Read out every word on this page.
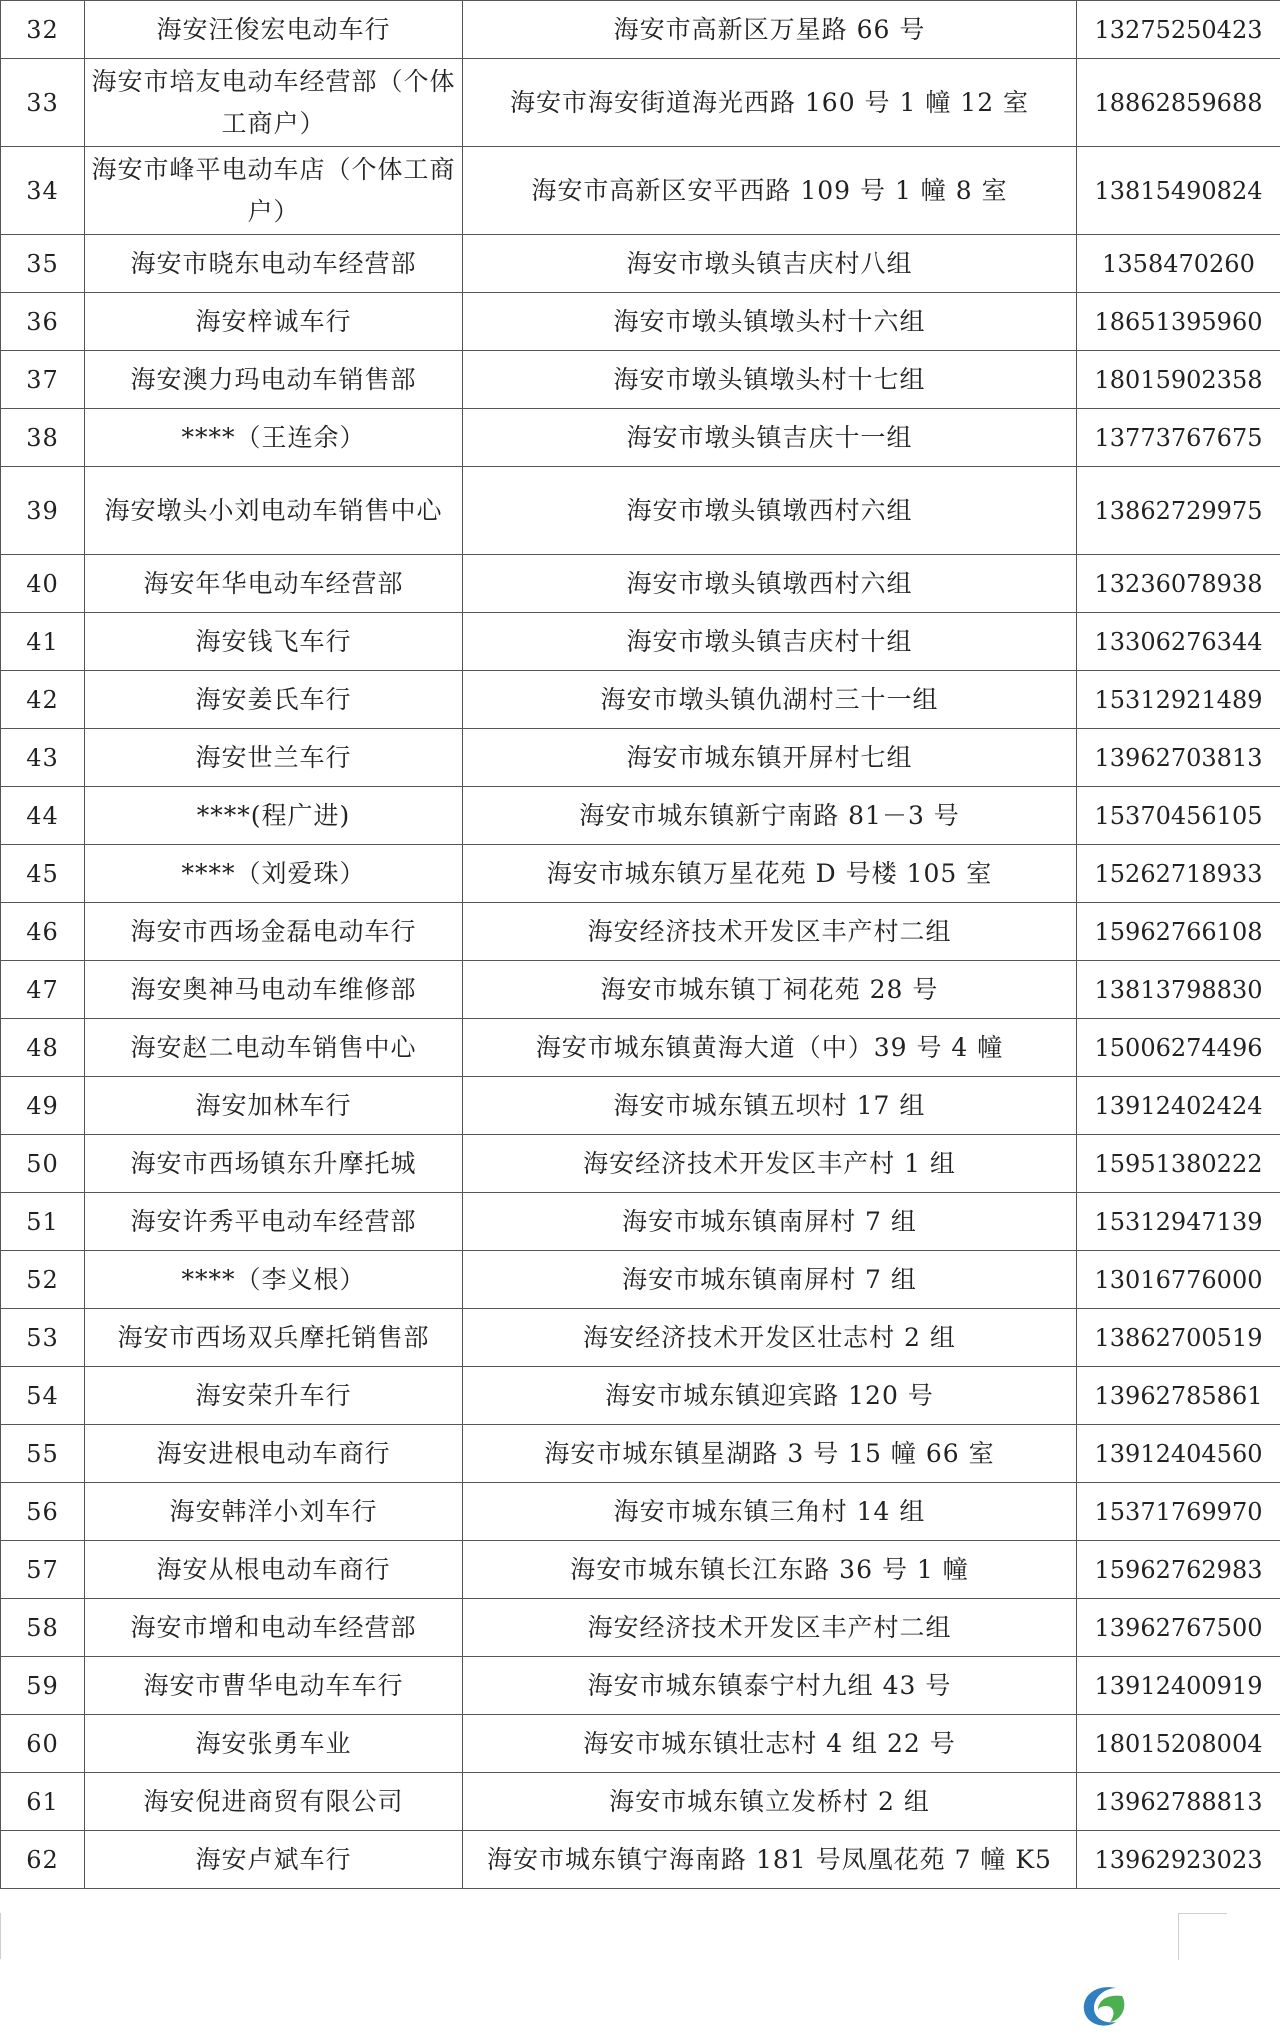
32	海安汪俊宏电动车行	海安市高新区万星路 66 号	13275250423
33	海安市培友电动车经营部（个体工商户）	海安市海安街道海光西路 160 号 1 幢 12 室	18862859688
34	海安市峰平电动车店（个体工商户）	海安市高新区安平西路 109 号 1 幢 8 室	13815490824
35	海安市晓东电动车经营部	海安市墩头镇吉庆村八组	1358470260
36	海安梓诚车行	海安市墩头镇墩头村十六组	18651395960
37	海安澳力玛电动车销售部	海安市墩头镇墩头村十七组	18015902358
38	****（王连余）	海安市墩头镇吉庆十一组	13773767675
39	海安墩头小刘电动车销售中心	海安市墩头镇墩西村六组	13862729975
40	海安年华电动车经营部	海安市墩头镇墩西村六组	13236078938
41	海安钱飞车行	海安市墩头镇吉庆村十组	13306276344
42	海安姜氏车行	海安市墩头镇仇湖村三十一组	15312921489
43	海安世兰车行	海安市城东镇开屏村七组	13962703813
44	****(程广进)	海安市城东镇新宁南路 81－3 号	15370456105
45	****（刘爱珠）	海安市城东镇万星花苑 D 号楼 105 室	15262718933
46	海安市西场金磊电动车行	海安经济技术开发区丰产村二组	15962766108
47	海安奥神马电动车维修部	海安市城东镇丁祠花苑 28 号	13813798830
48	海安赵二电动车销售中心	海安市城东镇黄海大道（中）39 号 4 幢	15006274496
49	海安加林车行	海安市城东镇五坝村 17 组	13912402424
50	海安市西场镇东升摩托城	海安经济技术开发区丰产村 1 组	15951380222
51	海安许秀平电动车经营部	海安市城东镇南屏村 7 组	15312947139
52	****（李义根）	海安市城东镇南屏村 7 组	13016776000
53	海安市西场双兵摩托销售部	海安经济技术开发区壮志村 2 组	13862700519
54	海安荣升车行	海安市城东镇迎宾路 120 号	13962785861
55	海安进根电动车商行	海安市城东镇星湖路 3 号 15 幢 66 室	13912404560
56	海安韩洋小刘车行	海安市城东镇三角村 14 组	15371769970
57	海安从根电动车商行	海安市城东镇长江东路 36 号 1 幢	15962762983
58	海安市增和电动车经营部	海安经济技术开发区丰产村二组	13962767500
59	海安市曹华电动车车行	海安市城东镇泰宁村九组 43 号	13912400919
60	海安张勇车业	海安市城东镇壮志村 4 组 22 号	18015208004
61	海安倪进商贸有限公司	海安市城东镇立发桥村 2 组	13962788813
62	海安卢斌车行	海安市城东镇宁海南路 181 号凤凰花苑 7 幢 K5	13962923023
